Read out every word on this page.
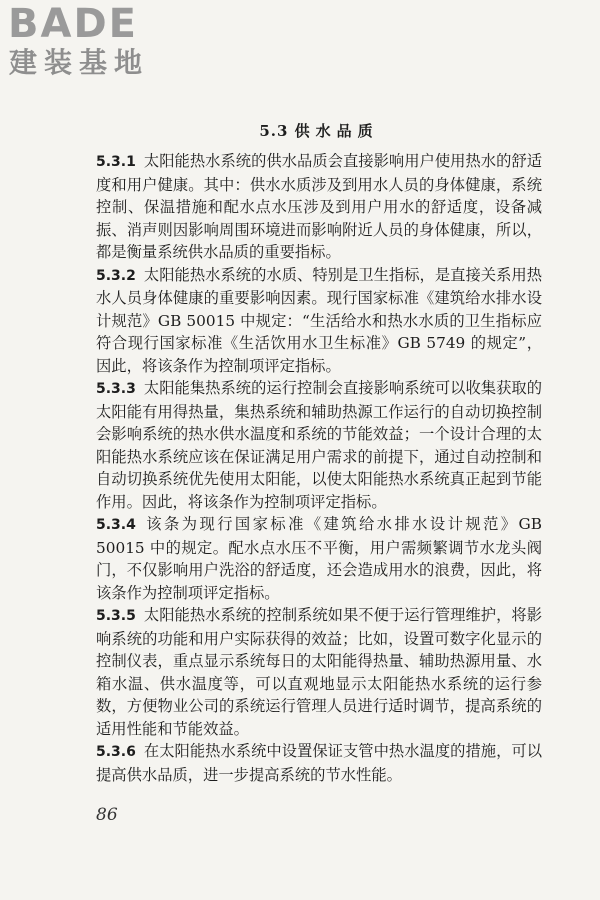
BADE
建装基地
5.3 供水品质

5.3.1 太阳能热水系统的供水品质会直接影响用户使用热水的舒适度和用户健康。其中：供水水质涉及到用水人员的身体健康，系统控制、保温措施和配水点水压涉及到用户用水的舒适度，设备减振、消声则因影响周围环境进而影响附近人员的身体健康，所以，都是衡量系统供水品质的重要指标。

5.3.2 太阳能热水系统的水质、特别是卫生指标，是直接关系用热水人员身体健康的重要影响因素。现行国家标准《建筑给水排水设计规范》GB 50015 中规定：“生活给水和热水水质的卫生指标应符合现行国家标准《生活饮用水卫生标准》GB 5749 的规定”，因此，将该条作为控制项评定指标。

5.3.3 太阳能集热系统的运行控制会直接影响系统可以收集获取的太阳能有用得热量，集热系统和辅助热源工作运行的自动切换控制会影响系统的热水供水温度和系统的节能效益；一个设计合理的太阳能热水系统应该在保证满足用户需求的前提下，通过自动控制和自动切换系统优先使用太阳能，以使太阳能热水系统真正起到节能作用。因此，将该条作为控制项评定指标。

5.3.4 该条为现行国家标准《建筑给水排水设计规范》GB 50015 中的规定。配水点水压不平衡，用户需频繁调节水龙头阀门，不仅影响用户洗浴的舒适度，还会造成用水的浪费，因此，将该条作为控制项评定指标。

5.3.5 太阳能热水系统的控制系统如果不便于运行管理维护，将影响系统的功能和用户实际获得的效益；比如，设置可数字化显示的控制仪表，重点显示系统每日的太阳能得热量、辅助热源用量、水箱水温、供水温度等，可以直观地显示太阳能热水系统的运行参数，方便物业公司的系统运行管理人员进行适时调节，提高系统的适用性能和节能效益。

5.3.6 在太阳能热水系统中设置保证支管中热水温度的措施，可以提高供水品质，进一步提高系统的节水性能。

86
